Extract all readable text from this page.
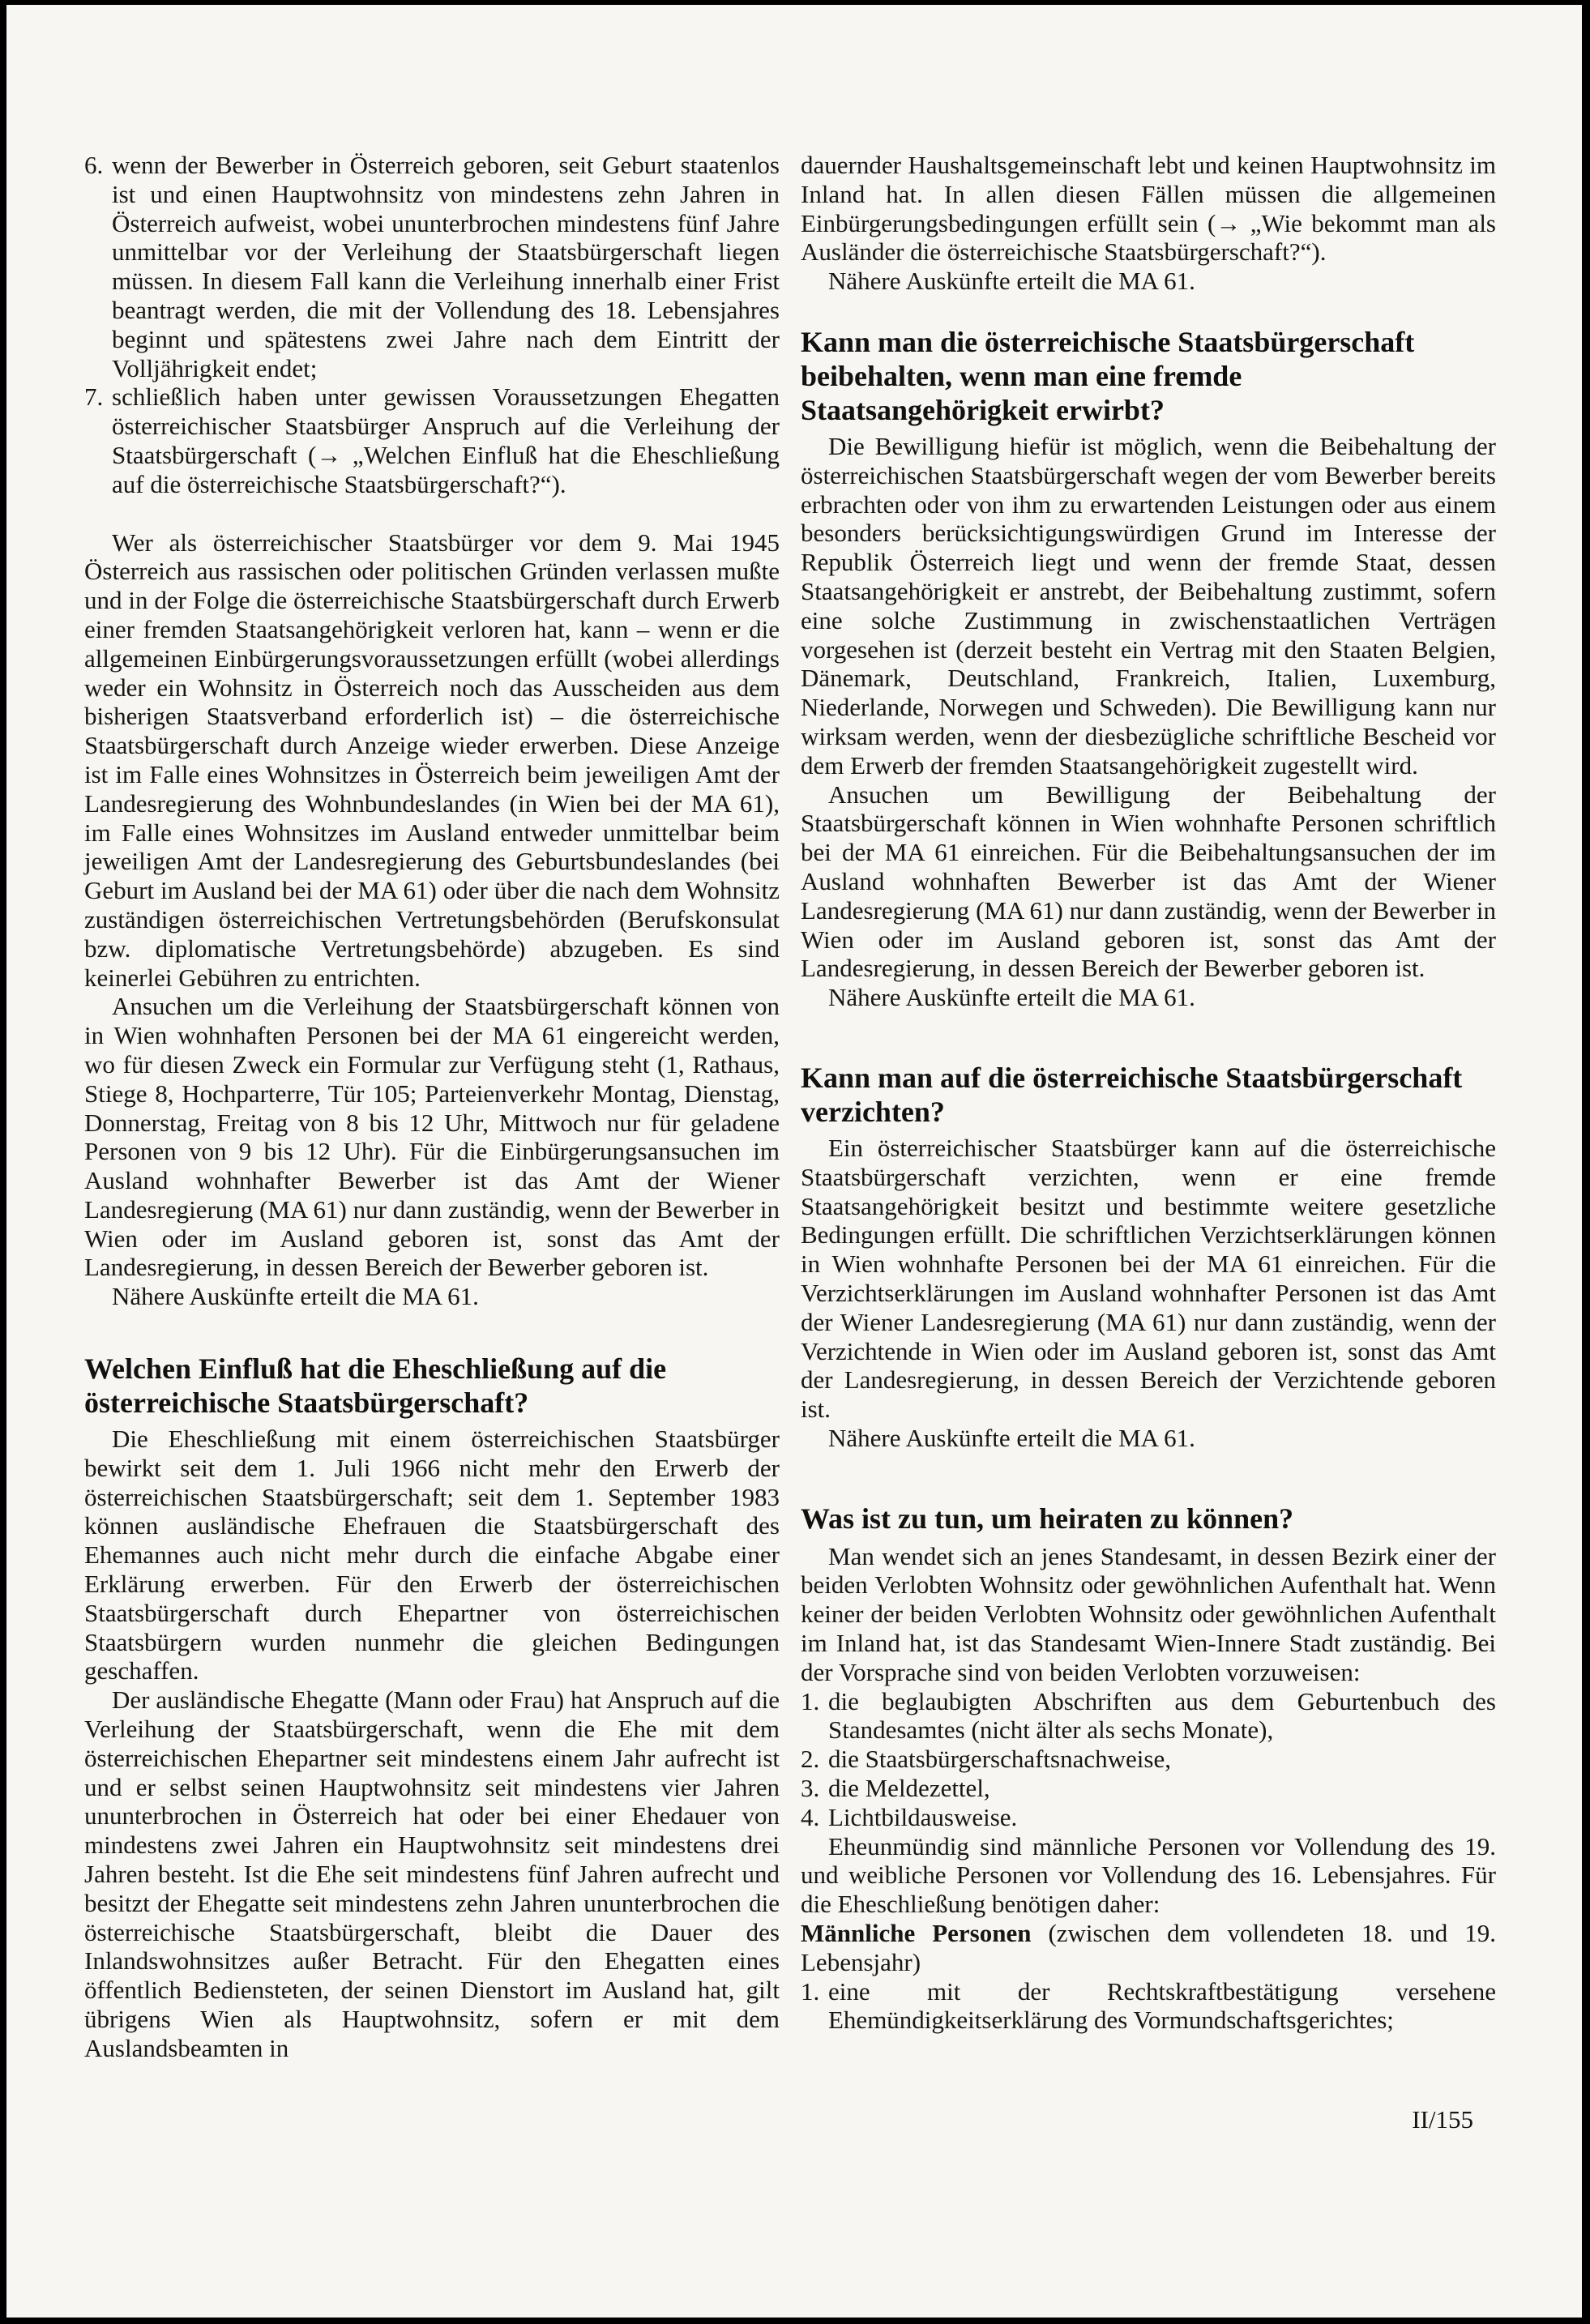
6. wenn der Bewerber in Österreich geboren, seit Geburt staatenlos ist und einen Hauptwohnsitz von mindestens zehn Jahren in Österreich aufweist, wobei ununterbrochen mindestens fünf Jahre unmittelbar vor der Verleihung der Staatsbürgerschaft liegen müssen. In diesem Fall kann die Verleihung innerhalb einer Frist beantragt werden, die mit der Vollendung des 18. Lebensjahres beginnt und spätestens zwei Jahre nach dem Eintritt der Volljährigkeit endet;
7. schließlich haben unter gewissen Voraussetzungen Ehegatten österreichischer Staatsbürger Anspruch auf die Verleihung der Staatsbürgerschaft (→ „Welchen Einfluß hat die Eheschließung auf die österreichische Staatsbürgerschaft?“).

Wer als österreichischer Staatsbürger vor dem 9. Mai 1945 Österreich aus rassischen oder politischen Gründen verlassen mußte und in der Folge die österreichische Staatsbürgerschaft durch Erwerb einer fremden Staatsangehörigkeit verloren hat, kann – wenn er die allgemeinen Einbürgerungsvoraussetzungen erfüllt (wobei allerdings weder ein Wohnsitz in Österreich noch das Ausscheiden aus dem bisherigen Staatsverband erforderlich ist) – die österreichische Staatsbürgerschaft durch Anzeige wieder erwerben. Diese Anzeige ist im Falle eines Wohnsitzes in Österreich beim jeweiligen Amt der Landesregierung des Wohnbundeslandes (in Wien bei der MA 61), im Falle eines Wohnsitzes im Ausland entweder unmittelbar beim jeweiligen Amt der Landesregierung des Geburtsbundeslandes (bei Geburt im Ausland bei der MA 61) oder über die nach dem Wohnsitz zuständigen österreichischen Vertretungsbehörden (Berufskonsulat bzw. diplomatische Vertretungsbehörde) abzugeben. Es sind keinerlei Gebühren zu entrichten.

Ansuchen um die Verleihung der Staatsbürgerschaft können von in Wien wohnhaften Personen bei der MA 61 eingereicht werden, wo für diesen Zweck ein Formular zur Verfügung steht (1, Rathaus, Stiege 8, Hochparterre, Tür 105; Parteienverkehr Montag, Dienstag, Donnerstag, Freitag von 8 bis 12 Uhr, Mittwoch nur für geladene Personen von 9 bis 12 Uhr). Für die Einbürgerungsansuchen im Ausland wohnhafter Bewerber ist das Amt der Wiener Landesregierung (MA 61) nur dann zuständig, wenn der Bewerber in Wien oder im Ausland geboren ist, sonst das Amt der Landesregierung, in dessen Bereich der Bewerber geboren ist.

Nähere Auskünfte erteilt die MA 61.

Welchen Einfluß hat die Eheschließung auf die österreichische Staatsbürgerschaft?

Die Eheschließung mit einem österreichischen Staatsbürger bewirkt seit dem 1. Juli 1966 nicht mehr den Erwerb der österreichischen Staatsbürgerschaft; seit dem 1. September 1983 können ausländische Ehefrauen die Staatsbürgerschaft des Ehemannes auch nicht mehr durch die einfache Abgabe einer Erklärung erwerben. Für den Erwerb der österreichischen Staatsbürgerschaft durch Ehepartner von österreichischen Staatsbürgern wurden nunmehr die gleichen Bedingungen geschaffen.

Der ausländische Ehegatte (Mann oder Frau) hat Anspruch auf die Verleihung der Staatsbürgerschaft, wenn die Ehe mit dem österreichischen Ehepartner seit mindestens einem Jahr aufrecht ist und er selbst seinen Hauptwohnsitz seit mindestens vier Jahren ununterbrochen in Österreich hat oder bei einer Ehedauer von mindestens zwei Jahren ein Hauptwohnsitz seit mindestens drei Jahren besteht. Ist die Ehe seit mindestens fünf Jahren aufrecht und besitzt der Ehegatte seit mindestens zehn Jahren ununterbrochen die österreichische Staatsbürgerschaft, bleibt die Dauer des Inlandswohnsitzes außer Betracht. Für den Ehegatten eines öffentlich Bediensteten, der seinen Dienstort im Ausland hat, gilt übrigens Wien als Hauptwohnsitz, sofern er mit dem Auslandsbeamten in

dauernder Haushaltsgemeinschaft lebt und keinen Hauptwohnsitz im Inland hat. In allen diesen Fällen müssen die allgemeinen Einbürgerungsbedingungen erfüllt sein (→ „Wie bekommt man als Ausländer die österreichische Staatsbürgerschaft?“).

Nähere Auskünfte erteilt die MA 61.

Kann man die österreichische Staatsbürgerschaft beibehalten, wenn man eine fremde Staatsangehörigkeit erwirbt?

Die Bewilligung hiefür ist möglich, wenn die Beibehaltung der österreichischen Staatsbürgerschaft wegen der vom Bewerber bereits erbrachten oder von ihm zu erwartenden Leistungen oder aus einem besonders berücksichtigungswürdigen Grund im Interesse der Republik Österreich liegt und wenn der fremde Staat, dessen Staatsangehörigkeit er anstrebt, der Beibehaltung zustimmt, sofern eine solche Zustimmung in zwischenstaatlichen Verträgen vorgesehen ist (derzeit besteht ein Vertrag mit den Staaten Belgien, Dänemark, Deutschland, Frankreich, Italien, Luxemburg, Niederlande, Norwegen und Schweden). Die Bewilligung kann nur wirksam werden, wenn der diesbezügliche schriftliche Bescheid vor dem Erwerb der fremden Staatsangehörigkeit zugestellt wird.

Ansuchen um Bewilligung der Beibehaltung der Staatsbürgerschaft können in Wien wohnhafte Personen schriftlich bei der MA 61 einreichen. Für die Beibehaltungsansuchen der im Ausland wohnhaften Bewerber ist das Amt der Wiener Landesregierung (MA 61) nur dann zuständig, wenn der Bewerber in Wien oder im Ausland geboren ist, sonst das Amt der Landesregierung, in dessen Bereich der Bewerber geboren ist.

Nähere Auskünfte erteilt die MA 61.

Kann man auf die österreichische Staatsbürgerschaft verzichten?

Ein österreichischer Staatsbürger kann auf die österreichische Staatsbürgerschaft verzichten, wenn er eine fremde Staatsangehörigkeit besitzt und bestimmte weitere gesetzliche Bedingungen erfüllt. Die schriftlichen Verzichtserklärungen können in Wien wohnhafte Personen bei der MA 61 einreichen. Für die Verzichtserklärungen im Ausland wohnhafter Personen ist das Amt der Wiener Landesregierung (MA 61) nur dann zuständig, wenn der Verzichtende in Wien oder im Ausland geboren ist, sonst das Amt der Landesregierung, in dessen Bereich der Verzichtende geboren ist.

Nähere Auskünfte erteilt die MA 61.

Was ist zu tun, um heiraten zu können?

Man wendet sich an jenes Standesamt, in dessen Bezirk einer der beiden Verlobten Wohnsitz oder gewöhnlichen Aufenthalt hat. Wenn keiner der beiden Verlobten Wohnsitz oder gewöhnlichen Aufenthalt im Inland hat, ist das Standesamt Wien-Innere Stadt zuständig. Bei der Vorsprache sind von beiden Verlobten vorzuweisen:

1. die beglaubigten Abschriften aus dem Geburtenbuch des Standesamtes (nicht älter als sechs Monate),
2. die Staatsbürgerschaftsnachweise,
3. die Meldezettel,
4. Lichtbildausweise.

Eheunmündig sind männliche Personen vor Vollendung des 19. und weibliche Personen vor Vollendung des 16. Lebensjahres. Für die Eheschließung benötigen daher:

Männliche Personen (zwischen dem vollendeten 18. und 19. Lebensjahr)

1. eine mit der Rechtskraftbestätigung versehene Ehemündigkeitserklärung des Vormundschaftsgerichtes;
II/155
